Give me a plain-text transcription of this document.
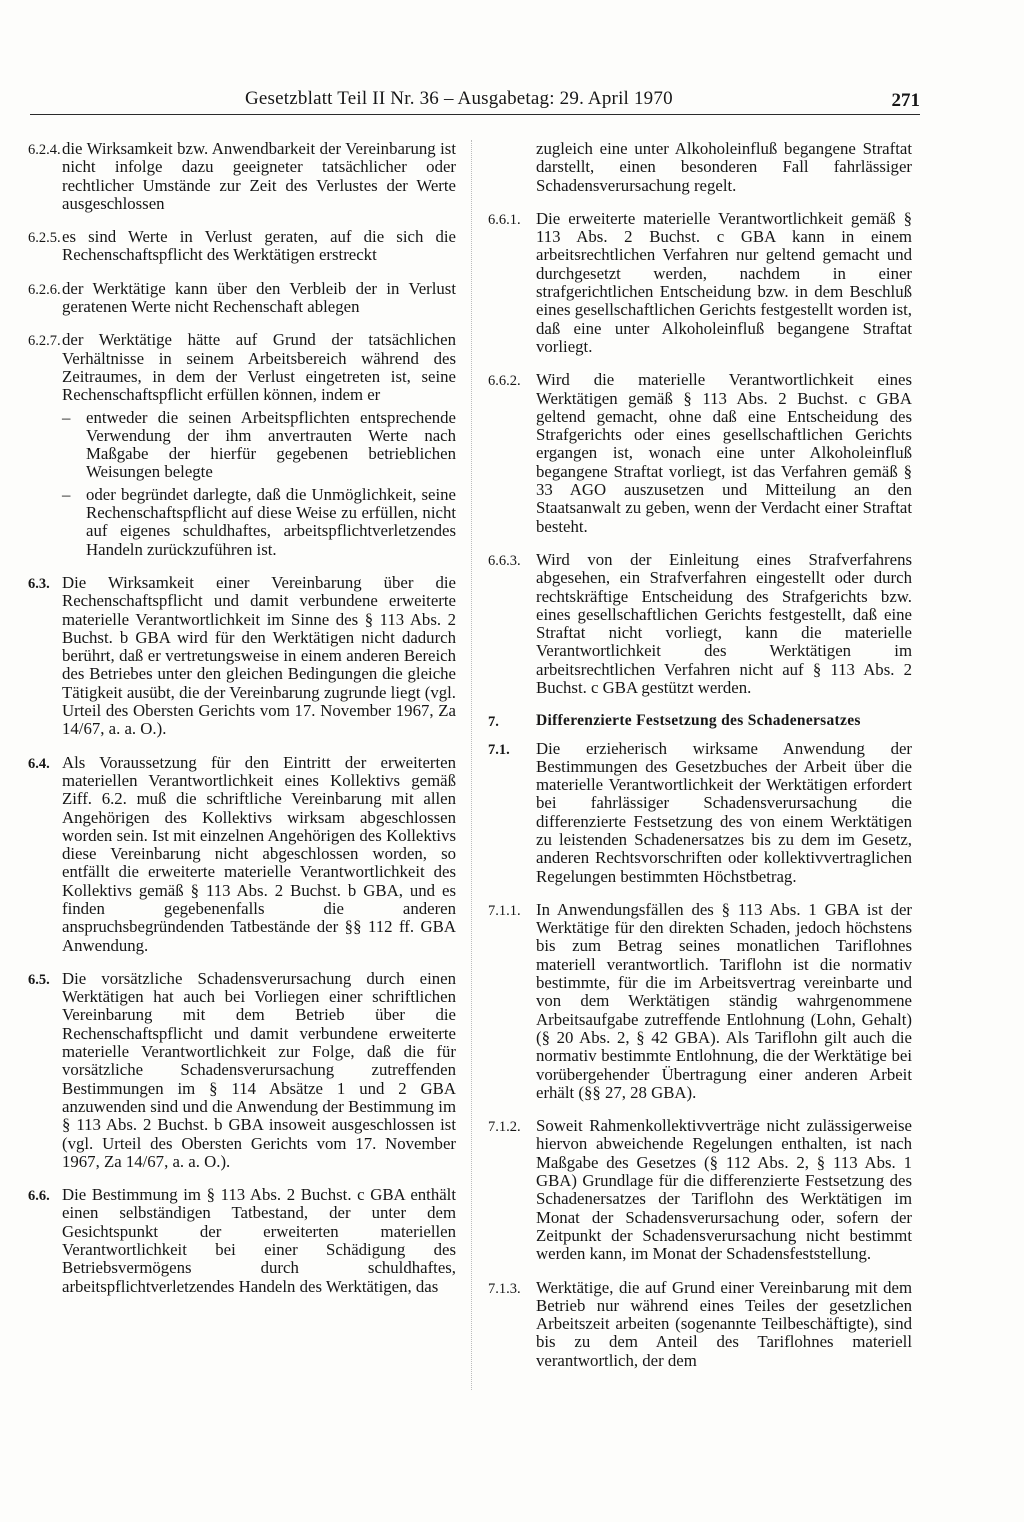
Gesetzblatt Teil II Nr. 36 – Ausgabetag: 29. April 1970	271
6.2.4. die Wirksamkeit bzw. Anwendbarkeit der Vereinbarung ist nicht infolge dazu geeigneter tatsächlicher oder rechtlicher Umstände zur Zeit des Verlustes der Werte ausgeschlossen
6.2.5. es sind Werte in Verlust geraten, auf die sich die Rechenschaftspflicht des Werktätigen erstreckt
6.2.6. der Werktätige kann über den Verbleib der in Verlust geratenen Werte nicht Rechenschaft ablegen
6.2.7. der Werktätige hätte auf Grund der tatsächlichen Verhältnisse in seinem Arbeitsbereich während des Zeitraumes, in dem der Verlust eingetreten ist, seine Rechenschaftspflicht erfüllen können, indem er
– entweder die seinen Arbeitspflichten entsprechende Verwendung der ihm anvertrauten Werte nach Maßgabe der hierfür gegebenen betrieblichen Weisungen belegte
– oder begründet darlegte, daß die Unmöglichkeit, seine Rechenschaftspflicht auf diese Weise zu erfüllen, nicht auf eigenes schuldhaftes, arbeitspflichtverletzendes Handeln zurückzuführen ist.
6.3. Die Wirksamkeit einer Vereinbarung über die Rechenschaftspflicht und damit verbundene erweiterte materielle Verantwortlichkeit im Sinne des § 113 Abs. 2 Buchst. b GBA wird für den Werktätigen nicht dadurch berührt, daß er vertretungsweise in einem anderen Bereich des Betriebes unter den gleichen Bedingungen die gleiche Tätigkeit ausübt, die der Vereinbarung zugrunde liegt (vgl. Urteil des Obersten Gerichts vom 17. November 1967, Za 14/67, a. a. O.).
6.4. Als Voraussetzung für den Eintritt der erweiterten materiellen Verantwortlichkeit eines Kollektivs gemäß Ziff. 6.2. muß die schriftliche Vereinbarung mit allen Angehörigen des Kollektivs wirksam abgeschlossen worden sein. Ist mit einzelnen Angehörigen des Kollektivs diese Vereinbarung nicht abgeschlossen worden, so entfällt die erweiterte materielle Verantwortlichkeit des Kollektivs gemäß § 113 Abs. 2 Buchst. b GBA, und es finden gegebenenfalls die anderen anspruchsbegründenden Tatbestände der §§ 112 ff. GBA Anwendung.
6.5. Die vorsätzliche Schadensverursachung durch einen Werktätigen hat auch bei Vorliegen einer schriftlichen Vereinbarung mit dem Betrieb über die Rechenschaftspflicht und damit verbundene erweiterte materielle Verantwortlichkeit zur Folge, daß die für vorsätzliche Schadensverursachung zutreffenden Bestimmungen im § 114 Absätze 1 und 2 GBA anzuwenden sind und die Anwendung der Bestimmung im § 113 Abs. 2 Buchst. b GBA insoweit ausgeschlossen ist (vgl. Urteil des Obersten Gerichts vom 17. November 1967, Za 14/67, a. a. O.).
6.6. Die Bestimmung im § 113 Abs. 2 Buchst. c GBA enthält einen selbständigen Tatbestand, der unter dem Gesichtspunkt der erweiterten materiellen Verantwortlichkeit bei einer Schädigung des Betriebsvermögens durch schuldhaftes, arbeitspflichtverletzendes Handeln des Werktätigen, das
zugleich eine unter Alkoholeinfluß begangene Straftat darstellt, einen besonderen Fall fahrlässiger Schadensverursachung regelt.
6.6.1. Die erweiterte materielle Verantwortlichkeit gemäß § 113 Abs. 2 Buchst. c GBA kann in einem arbeitsrechtlichen Verfahren nur geltend gemacht und durchgesetzt werden, nachdem in einer strafgerichtlichen Entscheidung bzw. in dem Beschluß eines gesellschaftlichen Gerichts festgestellt worden ist, daß eine unter Alkoholeinfluß begangene Straftat vorliegt.
6.6.2. Wird die materielle Verantwortlichkeit eines Werktätigen gemäß § 113 Abs. 2 Buchst. c GBA geltend gemacht, ohne daß eine Entscheidung des Strafgerichts oder eines gesellschaftlichen Gerichts ergangen ist, wonach eine unter Alkoholeinfluß begangene Straftat vorliegt, ist das Verfahren gemäß § 33 AGO auszusetzen und Mitteilung an den Staatsanwalt zu geben, wenn der Verdacht einer Straftat besteht.
6.6.3. Wird von der Einleitung eines Strafverfahrens abgesehen, ein Strafverfahren eingestellt oder durch rechtskräftige Entscheidung des Strafgerichts bzw. eines gesellschaftlichen Gerichts festgestellt, daß eine Straftat nicht vorliegt, kann die materielle Verantwortlichkeit des Werktätigen im arbeitsrechtlichen Verfahren nicht auf § 113 Abs. 2 Buchst. c GBA gestützt werden.
7.	Differenzierte Festsetzung des Schadenersatzes
7.1.	Die erzieherisch wirksame Anwendung der Bestimmungen des Gesetzbuches der Arbeit über die materielle Verantwortlichkeit der Werktätigen erfordert bei fahrlässiger Schadensverursachung die differenzierte Festsetzung des von einem Werktätigen zu leistenden Schadenersatzes bis zu dem im Gesetz, anderen Rechtsvorschriften oder kollektivvertraglichen Regelungen bestimmten Höchstbetrag.
7.1.1. In Anwendungsfällen des § 113 Abs. 1 GBA ist der Werktätige für den direkten Schaden, jedoch höchstens bis zum Betrag seines monatlichen Tariflohnes materiell verantwortlich. Tariflohn ist die normativ bestimmte, für die im Arbeitsvertrag vereinbarte und von dem Werktätigen ständig wahrgenommene Arbeitsaufgabe zutreffende Entlohnung (Lohn, Gehalt) (§ 20 Abs. 2, § 42 GBA). Als Tariflohn gilt auch die normativ bestimmte Entlohnung, die der Werktätige bei vorübergehender Übertragung einer anderen Arbeit erhält (§§ 27, 28 GBA).
7.1.2. Soweit Rahmenkollektivverträge nicht zulässigerweise hiervon abweichende Regelungen enthalten, ist nach Maßgabe des Gesetzes (§ 112 Abs. 2, § 113 Abs. 1 GBA) Grundlage für die differenzierte Festsetzung des Schadenersatzes der Tariflohn des Werktätigen im Monat der Schadensverursachung oder, sofern der Zeitpunkt der Schadensverursachung nicht bestimmt werden kann, im Monat der Schadensfeststellung.
7.1.3. Werktätige, die auf Grund einer Vereinbarung mit dem Betrieb nur während eines Teiles der gesetzlichen Arbeitszeit arbeiten (sogenannte Teilbeschäftigte), sind bis zu dem Anteil des Tariflohnes materiell verantwortlich, der dem
